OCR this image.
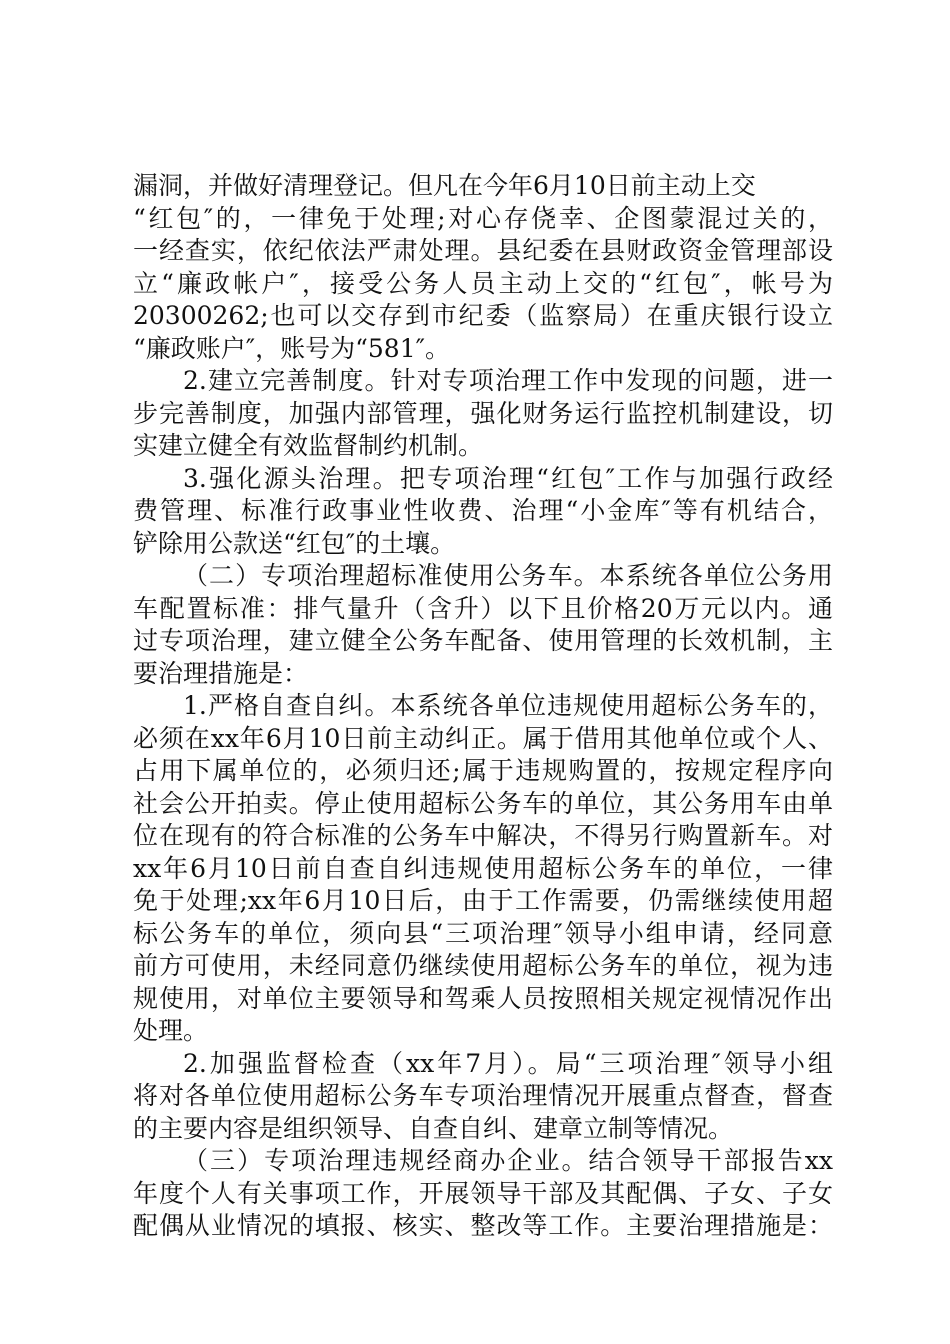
漏洞，并做好清理登记。但凡在今年6月10日前主动上交
“红包″的，一律免于处理;对心存侥幸、企图蒙混过关的，
一经查实，依纪依法严肃处理。县纪委在县财政资金管理部设
立“廉政帐户″，接受公务人员主动上交的“红包″，帐号为
20300262;也可以交存到市纪委（监察局）在重庆银行设立
“廉政账户″，账号为“581″。
2.建立完善制度。针对专项治理工作中发现的问题，进一
步完善制度，加强内部管理，强化财务运行监控机制建设，切
实建立健全有效监督制约机制。
3.强化源头治理。把专项治理“红包″工作与加强行政经
费管理、标准行政事业性收费、治理“小金库″等有机结合，
铲除用公款送“红包″的土壤。
（二）专项治理超标准使用公务车。本系统各单位公务用
车配置标准：排气量升（含升）以下且价格20万元以内。通
过专项治理，建立健全公务车配备、使用管理的长效机制，主
要治理措施是：
1.严格自查自纠。本系统各单位违规使用超标公务车的，
必须在xx年6月10日前主动纠正。属于借用其他单位或个人、
占用下属单位的，必须归还;属于违规购置的，按规定程序向
社会公开拍卖。停止使用超标公务车的单位，其公务用车由单
位在现有的符合标准的公务车中解决，不得另行购置新车。对
xx年6月10日前自查自纠违规使用超标公务车的单位，一律
免于处理;xx年6月10日后，由于工作需要，仍需继续使用超
标公务车的单位，须向县“三项治理″领导小组申请，经同意
前方可使用，未经同意仍继续使用超标公务车的单位，视为违
规使用，对单位主要领导和驾乘人员按照相关规定视情况作出
处理。
2.加强监督检查（xx年7月）。局“三项治理″领导小组
将对各单位使用超标公务车专项治理情况开展重点督查，督查
的主要内容是组织领导、自查自纠、建章立制等情况。
（三）专项治理违规经商办企业。结合领导干部报告xx
年度个人有关事项工作，开展领导干部及其配偶、子女、子女
配偶从业情况的填报、核实、整改等工作。主要治理措施是：
